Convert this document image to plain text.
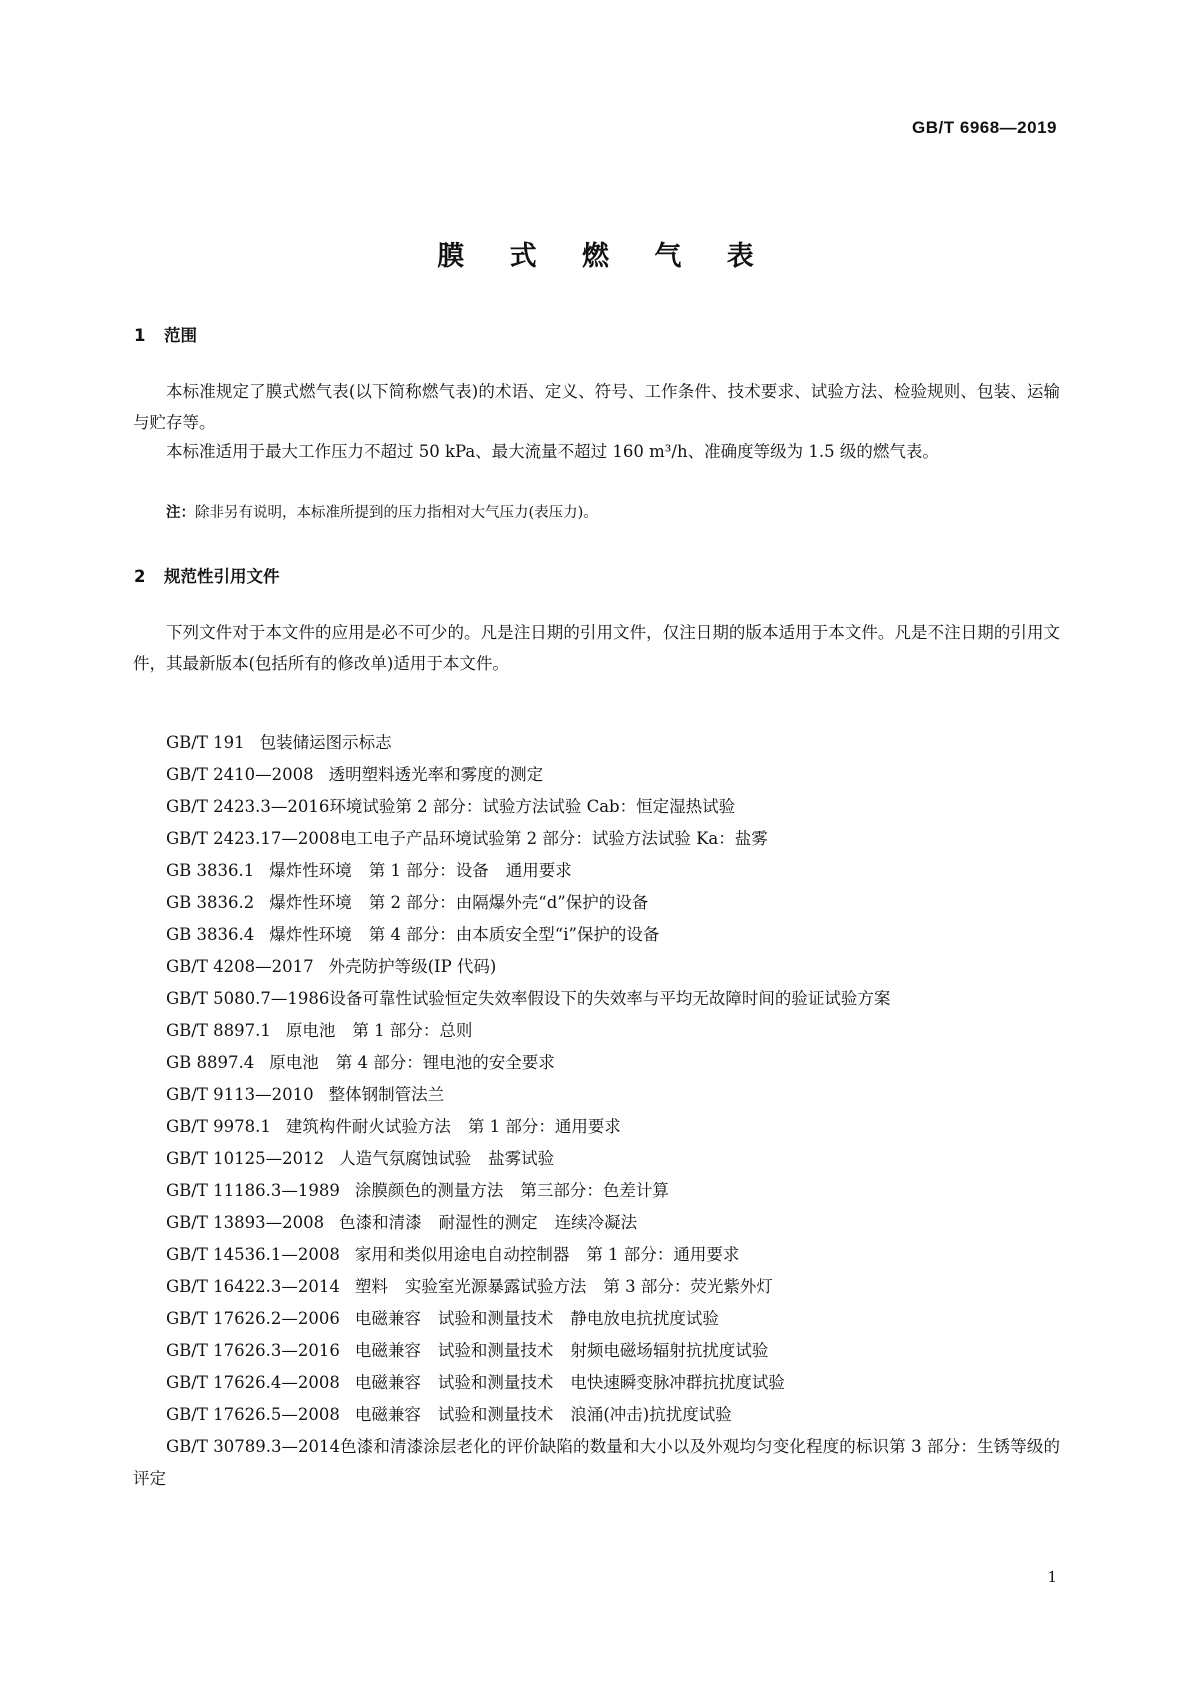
GB/T 6968—2019
膜 式 燃 气 表
1 范围
本标准规定了膜式燃气表(以下简称燃气表)的术语、定义、符号、工作条件、技术要求、试验方法、检验规则、包装、运输与贮存等。
本标准适用于最大工作压力不超过 50 kPa、最大流量不超过 160 m³/h、准确度等级为 1.5 级的燃气表。
注：除非另有说明，本标准所提到的压力指相对大气压力(表压力)。
2 规范性引用文件
下列文件对于本文件的应用是必不可少的。凡是注日期的引用文件，仅注日期的版本适用于本文件。凡是不注日期的引用文件，其最新版本(包括所有的修改单)适用于本文件。
GB/T 191 包装储运图示标志
GB/T 2410—2008 透明塑料透光率和雾度的测定
GB/T 2423.3—2016环境试验第 2 部分：试验方法试验 Cab：恒定湿热试验
GB/T 2423.17—2008电工电子产品环境试验第 2 部分：试验方法试验 Ka：盐雾
GB 3836.1 爆炸性环境 第 1 部分：设备 通用要求
GB 3836.2 爆炸性环境 第 2 部分：由隔爆外壳“d”保护的设备
GB 3836.4 爆炸性环境 第 4 部分：由本质安全型“i”保护的设备
GB/T 4208—2017 外壳防护等级(IP 代码)
GB/T 5080.7—1986设备可靠性试验恒定失效率假设下的失效率与平均无故障时间的验证试验方案
GB/T 8897.1 原电池 第 1 部分：总则
GB 8897.4 原电池 第 4 部分：锂电池的安全要求
GB/T 9113—2010 整体钢制管法兰
GB/T 9978.1 建筑构件耐火试验方法 第 1 部分：通用要求
GB/T 10125—2012 人造气氛腐蚀试验 盐雾试验
GB/T 11186.3—1989 涂膜颜色的测量方法 第三部分：色差计算
GB/T 13893—2008 色漆和清漆 耐湿性的测定 连续冷凝法
GB/T 14536.1—2008 家用和类似用途电自动控制器 第 1 部分：通用要求
GB/T 16422.3—2014 塑料 实验室光源暴露试验方法 第 3 部分：荧光紫外灯
GB/T 17626.2—2006 电磁兼容 试验和测量技术 静电放电抗扰度试验
GB/T 17626.3—2016 电磁兼容 试验和测量技术 射频电磁场辐射抗扰度试验
GB/T 17626.4—2008 电磁兼容 试验和测量技术 电快速瞬变脉冲群抗扰度试验
GB/T 17626.5—2008 电磁兼容 试验和测量技术 浪涌(冲击)抗扰度试验
GB/T 30789.3—2014色漆和清漆涂层老化的评价缺陷的数量和大小以及外观均匀变化程度的标识第 3 部分：生锈等级的评定
1
